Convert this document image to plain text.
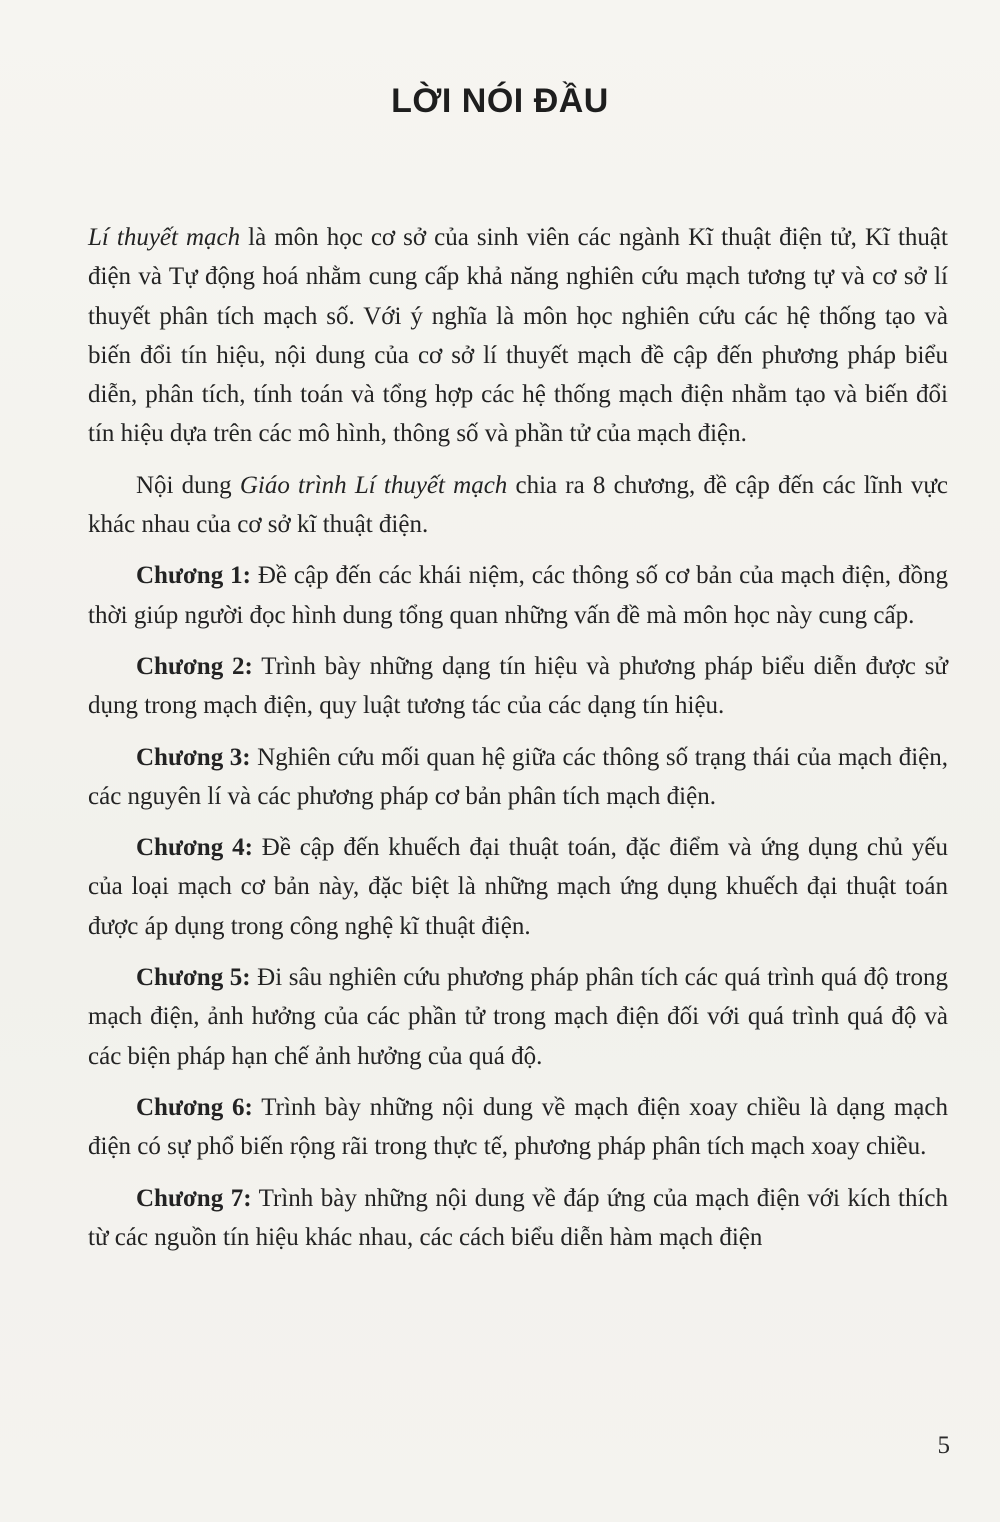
LỜI NÓI ĐẦU

Lí thuyết mạch là môn học cơ sở của sinh viên các ngành Kĩ thuật điện tử, Kĩ thuật điện và Tự động hoá nhằm cung cấp khả năng nghiên cứu mạch tương tự và cơ sở lí thuyết phân tích mạch số. Với ý nghĩa là môn học nghiên cứu các hệ thống tạo và biến đổi tín hiệu, nội dung của cơ sở lí thuyết mạch đề cập đến phương pháp biểu diễn, phân tích, tính toán và tổng hợp các hệ thống mạch điện nhằm tạo và biến đổi tín hiệu dựa trên các mô hình, thông số và phần tử của mạch điện.

Nội dung Giáo trình Lí thuyết mạch chia ra 8 chương, đề cập đến các lĩnh vực khác nhau của cơ sở kĩ thuật điện.

Chương 1: Đề cập đến các khái niệm, các thông số cơ bản của mạch điện, đồng thời giúp người đọc hình dung tổng quan những vấn đề mà môn học này cung cấp.

Chương 2: Trình bày những dạng tín hiệu và phương pháp biểu diễn được sử dụng trong mạch điện, quy luật tương tác của các dạng tín hiệu.

Chương 3: Nghiên cứu mối quan hệ giữa các thông số trạng thái của mạch điện, các nguyên lí và các phương pháp cơ bản phân tích mạch điện.

Chương 4: Đề cập đến khuếch đại thuật toán, đặc điểm và ứng dụng chủ yếu của loại mạch cơ bản này, đặc biệt là những mạch ứng dụng khuếch đại thuật toán được áp dụng trong công nghệ kĩ thuật điện.

Chương 5: Đi sâu nghiên cứu phương pháp phân tích các quá trình quá độ trong mạch điện, ảnh hưởng của các phần tử trong mạch điện đối với quá trình quá độ và các biện pháp hạn chế ảnh hưởng của quá độ.

Chương 6: Trình bày những nội dung về mạch điện xoay chiều là dạng mạch điện có sự phổ biến rộng rãi trong thực tế, phương pháp phân tích mạch xoay chiều.

Chương 7: Trình bày những nội dung về đáp ứng của mạch điện với kích thích từ các nguồn tín hiệu khác nhau, các cách biểu diễn hàm mạch điện

5
